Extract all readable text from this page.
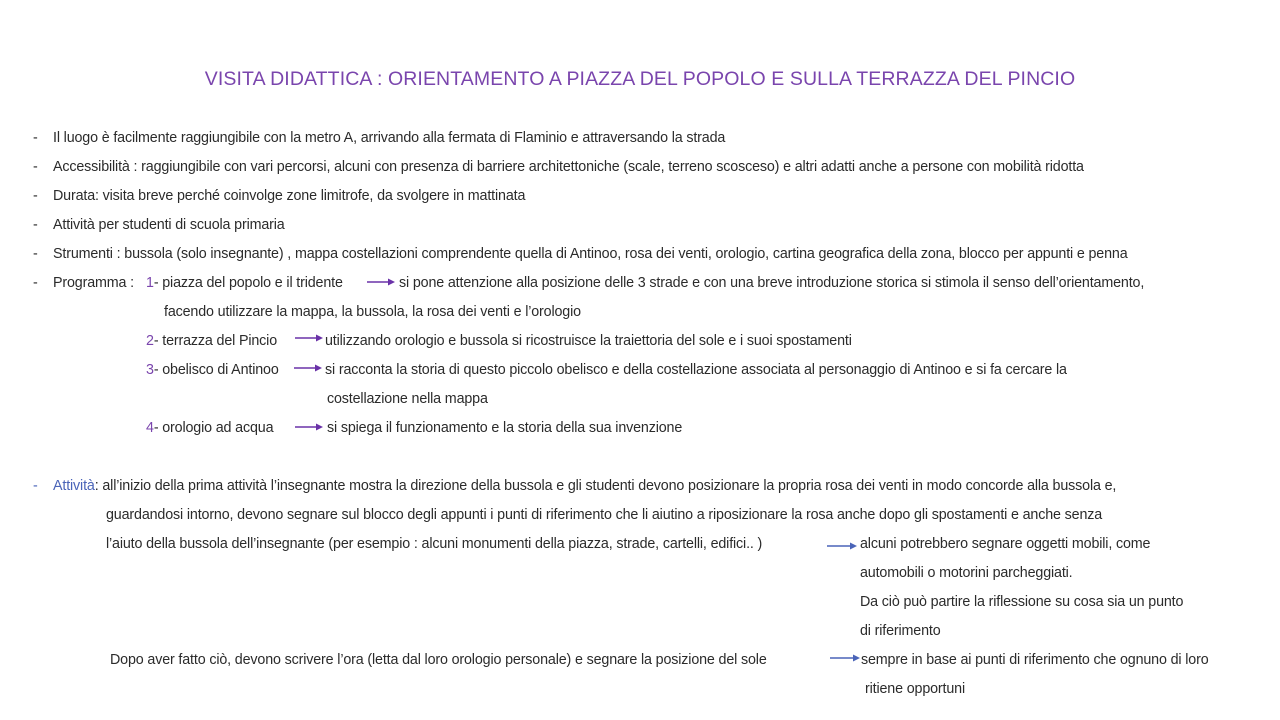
VISITA DIDATTICA : ORIENTAMENTO A PIAZZA DEL POPOLO E SULLA TERRAZZA DEL PINCIO
- Il luogo è facilmente raggiungibile con la metro A, arrivando alla fermata di Flaminio e attraversando la strada
- Accessibilità : raggiungibile con vari percorsi, alcuni con presenza di barriere architettoniche (scale, terreno scosceso) e altri adatti anche a persone con mobilità ridotta
- Durata: visita breve perché coinvolge zone limitrofe, da svolgere in mattinata
- Attività per studenti di scuola primaria
- Strumenti : bussola (solo insegnante) , mappa costellazioni comprendente quella di Antinoo, rosa dei venti, orologio, cartina geografica della zona, blocco per appunti e penna
- Programma : 1- piazza del popolo e il tridente	si pone attenzione alla posizione delle 3 strade e con una breve introduzione storica si stimola il senso dell’orientamento,
facendo utilizzare la mappa, la bussola, la rosa dei venti e l’orologio
2- terrazza del Pincio	utilizzando orologio e bussola si ricostruisce la traiettoria del sole e i suoi spostamenti
3- obelisco di Antinoo	si racconta la storia di questo piccolo obelisco e della costellazione associata al personaggio di Antinoo e si fa cercare la
costellazione nella mappa
4- orologio ad acqua	si spiega il funzionamento e la storia della sua invenzione
- Attività: all’inizio della prima attività l’insegnante mostra la direzione della bussola e gli studenti devono posizionare la propria rosa dei venti in modo concorde alla bussola e,
guardandosi intorno, devono segnare sul blocco degli appunti i punti di riferimento che li aiutino a riposizionare la rosa anche dopo gli spostamenti e anche senza
l’aiuto della bussola dell’insegnante (per esempio : alcuni monumenti della piazza, strade, cartelli, edifici.. )	alcuni potrebbero segnare oggetti mobili, come
automobili o motorini parcheggiati.
Da ciò può partire la riflessione su cosa sia un punto
di riferimento
Dopo aver fatto ciò, devono scrivere l’ora (letta dal loro orologio personale) e segnare la posizione del sole	sempre in base ai punti di riferimento che ognuno di loro
ritiene opportuni
